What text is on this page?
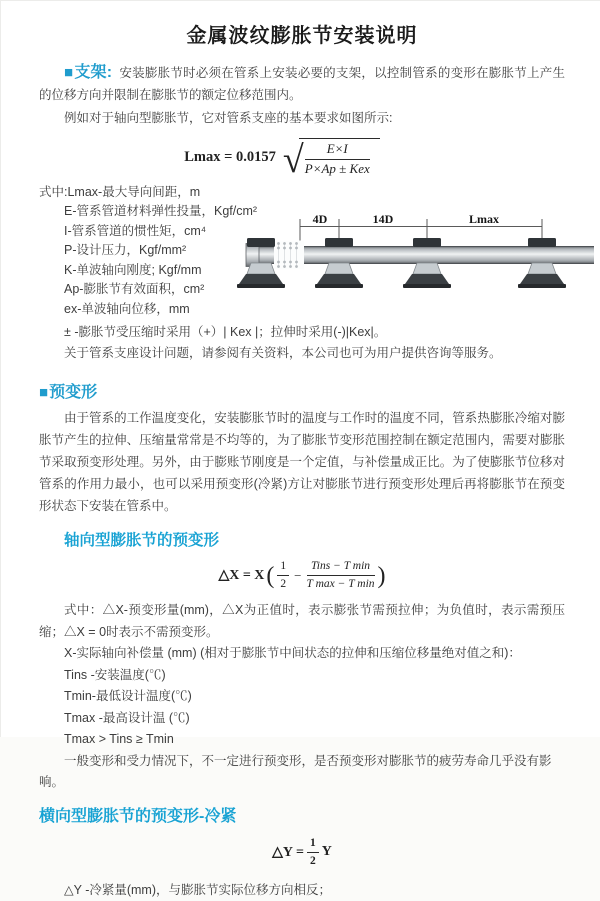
金属波纹膨胀节安装说明

■支架: 安装膨胀节时必须在管系上安装必要的支架，以控制管系的变形在膨胀节上产生的位移方向并限制在膨胀节的额定位移范围内。

例如对于轴向型膨胀节，它对管系支座的基本要求如图所示:

Lmax = 0.0157 √ $\frac{E\times I}{\text{P×Ap ± Kex}}$
式中:Lmax-最大导向间距，m
E-管系管道材料弹性投量，Kgf/cm²
I-管系管道的惯性矩，cm⁴
P-设计压力，Kgf/mm²
K-单波轴向刚度; Kgf/mm
Ap-膨胀节有效面积，cm²
ex-单波轴向位移，mm
4D	14D	Lmax

± -膨胀节受压缩时采用（+）| Kex |；拉伸时采用(-)|Kex|。

关于管系支座设计问题，请参阅有关资料，本公司也可为用户提供咨询等服务。

■预变形

由于管系的工作温度变化，安装膨胀节时的温度与工作时的温度不同，管系热膨胀冷缩对膨胀节产生的拉伸、压缩量常常是不均等的，为了膨胀节变形范围控制在额定范围内，需要对膨胀节采取预变形处理。另外，由于膨账节刚度是一个定值，与补偿量成正比。为了使膨胀节位移对管系的作用力最小，也可以采用预变形(冷紧)方让对膨胀节进行预变形处理后再将膨胀节在预变形状态下安装在管系中。

轴向型膨胀节的预变形
△X = X ( $\frac{1}{2}$ −
Tins − T min
T max − T min )

式中：△X-预变形量(mm)，△X为正值时，表示膨张节需预拉伸；为负值时，表示需预压缩；△X = 0时表示不需预变形。

X-实际轴向补偿量 (mm) (相对于膨胀节中间状态的拉伸和压缩位移量绝对值之和)：
Tins -安装温度(℃)
Tmin-最低设计温度(℃)
Tmax -最高设计温 (℃)
Tmax > Tins ≥ Tmin
一般变形和受力情况下，不一定进行预变形，是否预变形对膨胀节的疲劳寿命几乎没有影响。
横向型膨胀节的预变形-冷紧
△Y = $\frac{1}{2}$ Y

△Y -冷紧量(mm)，与膨胀节实际位移方向相反；
